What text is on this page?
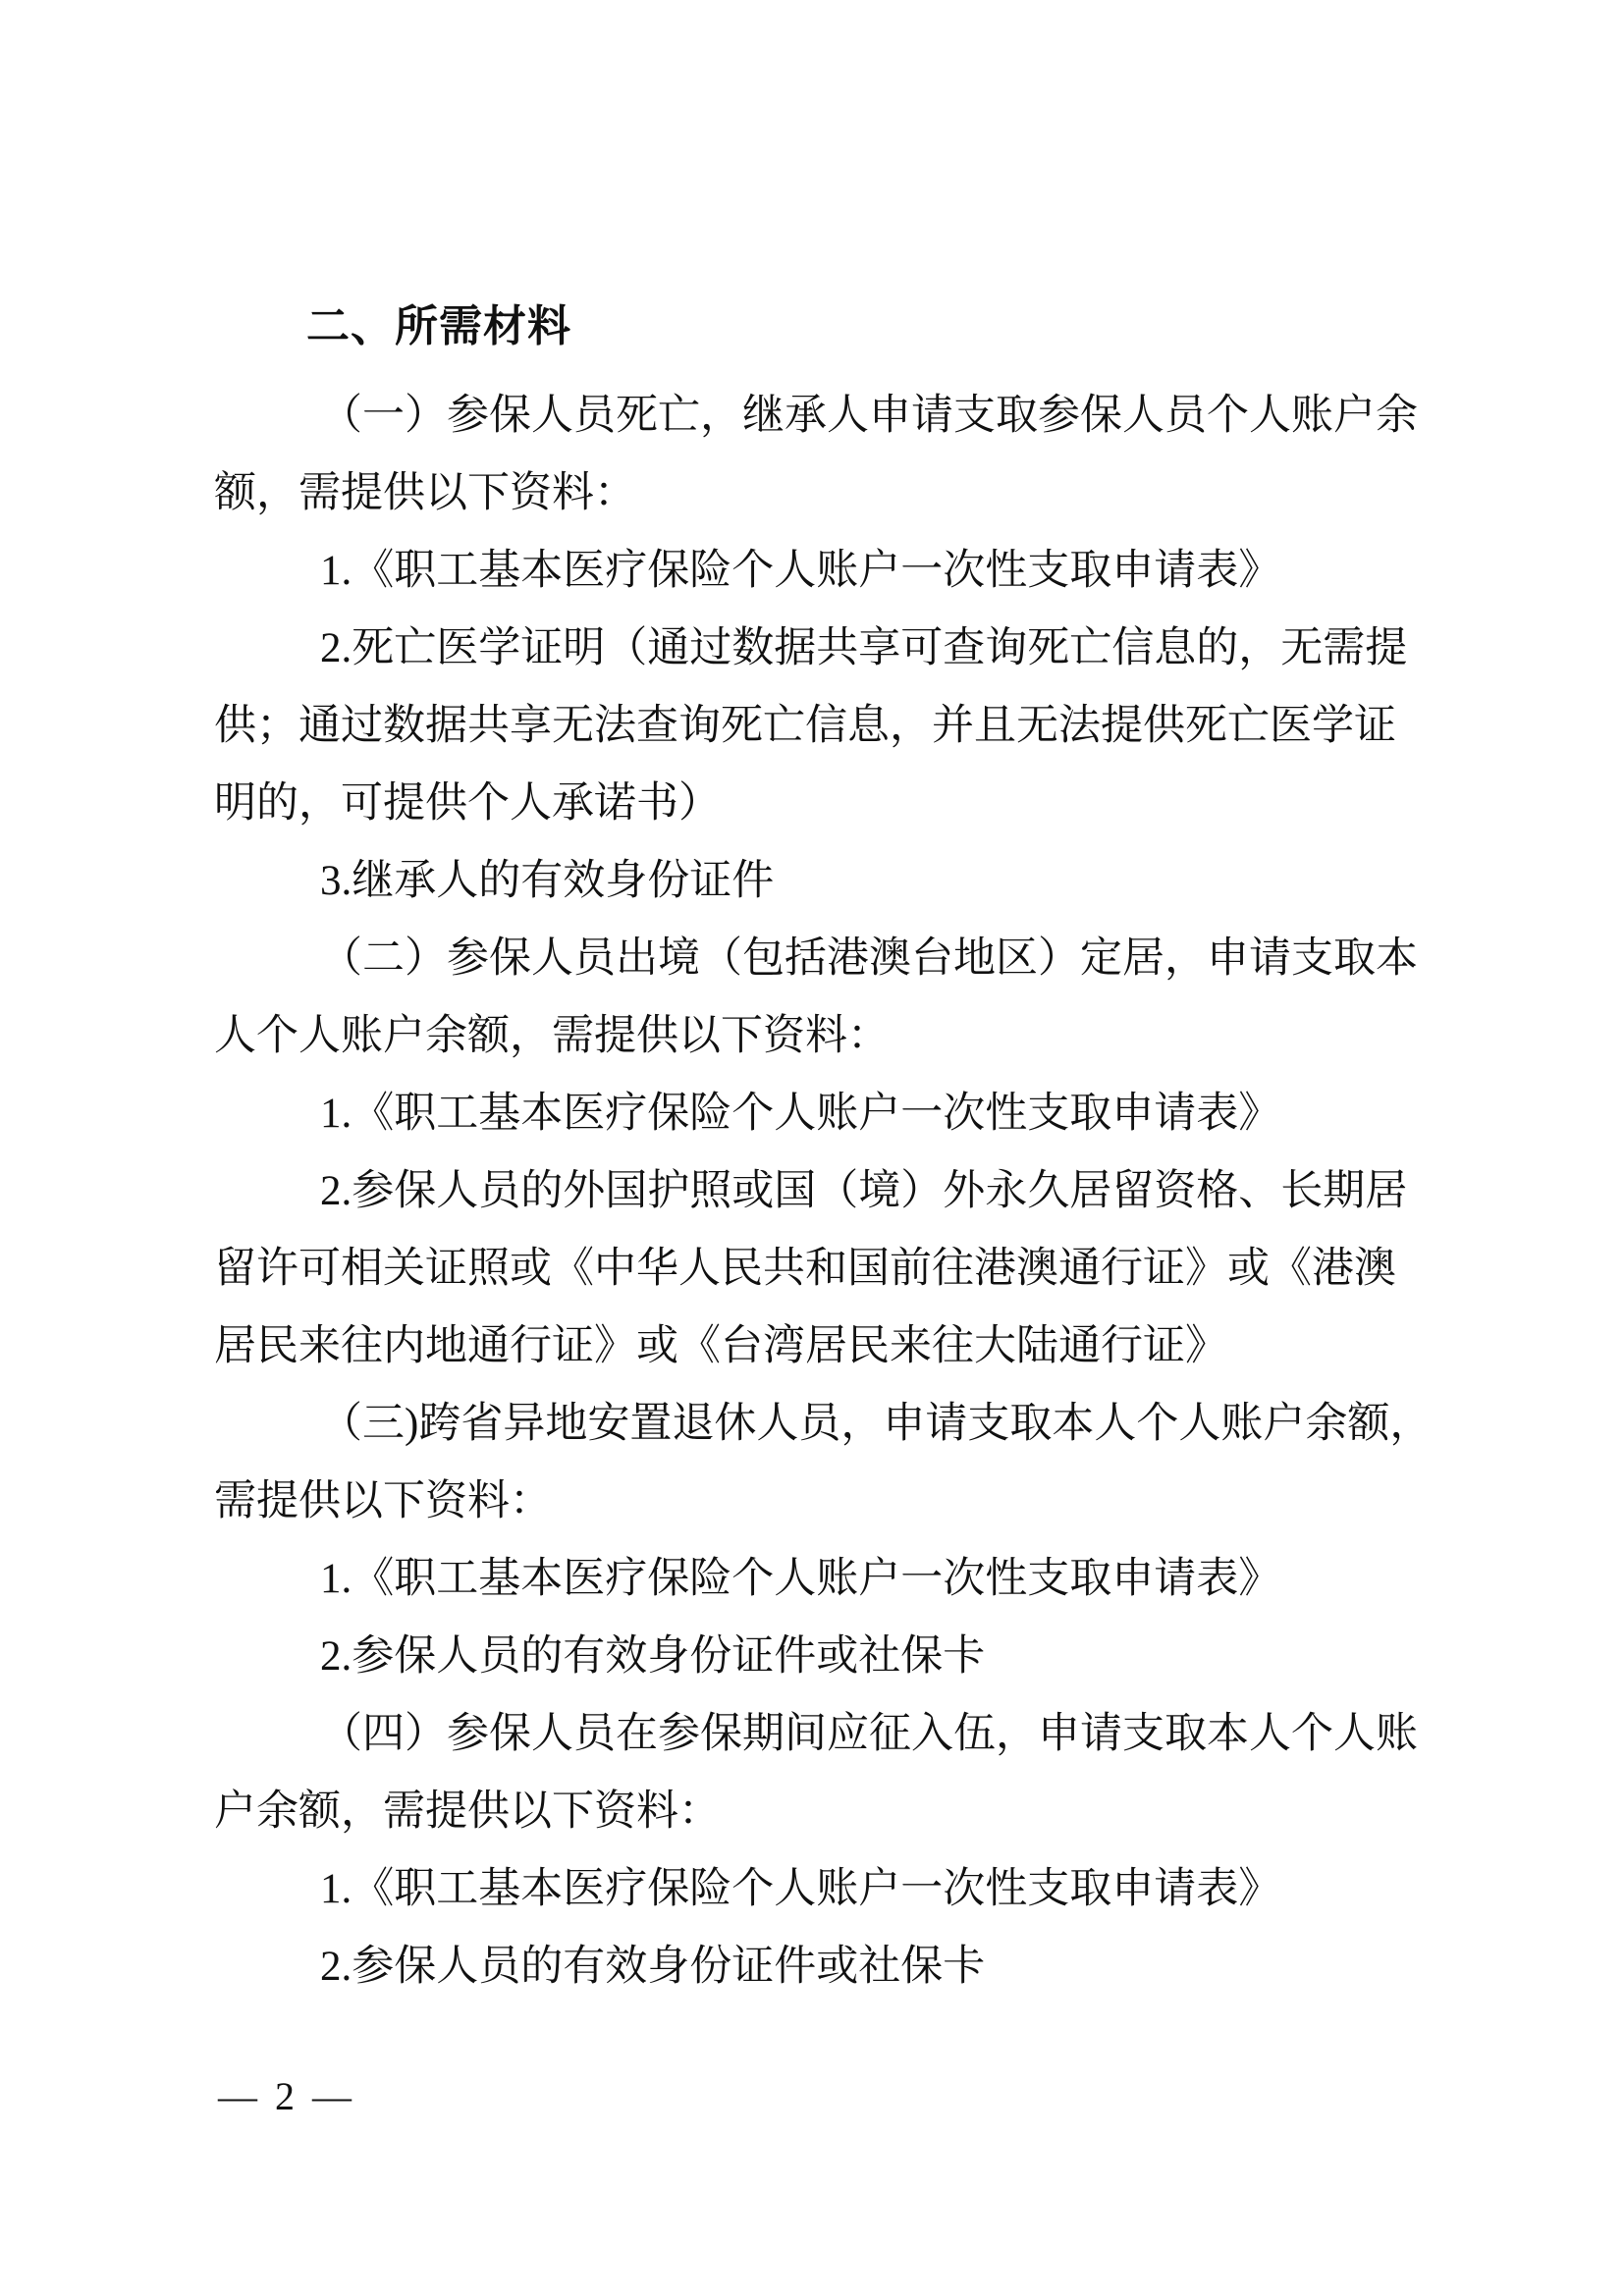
二、所需材料
（一）参保人员死亡，继承人申请支取参保人员个人账户余
额，需提供以下资料：
1.《职工基本医疗保险个人账户一次性支取申请表》
2.死亡医学证明（通过数据共享可查询死亡信息的，无需提
供；通过数据共享无法查询死亡信息，并且无法提供死亡医学证
明的，可提供个人承诺书）
3.继承人的有效身份证件
（二）参保人员出境（包括港澳台地区）定居，申请支取本
人个人账户余额，需提供以下资料：
1.《职工基本医疗保险个人账户一次性支取申请表》
2.参保人员的外国护照或国（境）外永久居留资格、长期居
留许可相关证照或《中华人民共和国前往港澳通行证》或《港澳
居民来往内地通行证》或《台湾居民来往大陆通行证》
（三)跨省异地安置退休人员，申请支取本人个人账户余额，
需提供以下资料：
1.《职工基本医疗保险个人账户一次性支取申请表》
2.参保人员的有效身份证件或社保卡
（四）参保人员在参保期间应征入伍，申请支取本人个人账
户余额，需提供以下资料：
1.《职工基本医疗保险个人账户一次性支取申请表》
2.参保人员的有效身份证件或社保卡
— 2 —
